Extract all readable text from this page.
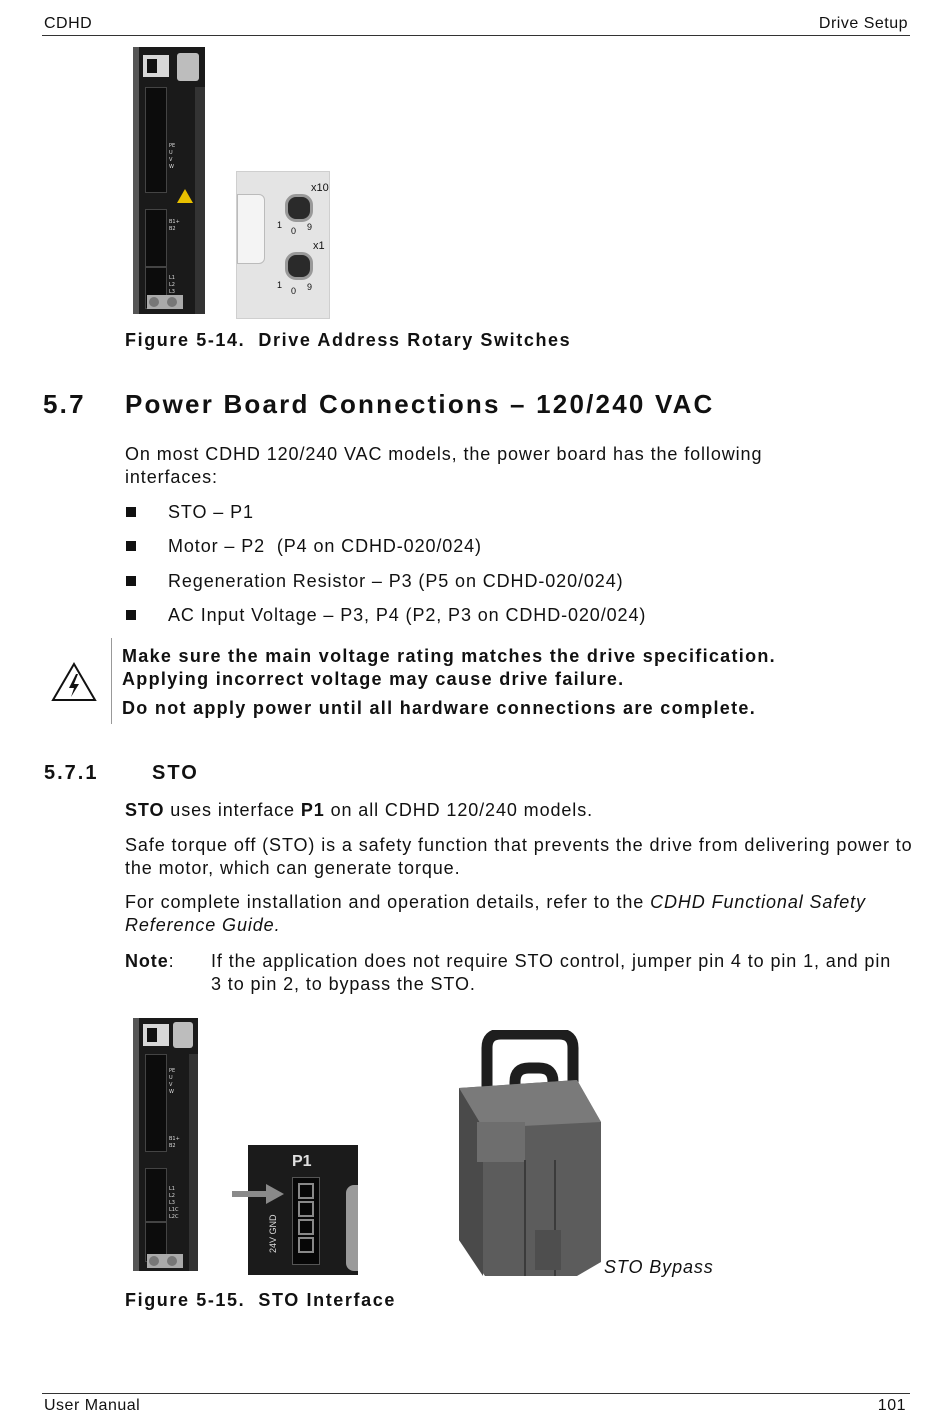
CDHD	Drive Setup
PE
U
V
W
B1+
B2
L1
L2
L3
x10
x1
1
0 9
1
0 9
Figure 5-14.  Drive Address Rotary Switches
5.7 Power Board Connections – 120/240 VAC
On most CDHD 120/240 VAC models, the power board has the following interfaces:
STO – P1
Motor – P2  (P4 on CDHD-020/024)
Regeneration Resistor – P3 (P5 on CDHD-020/024)
AC Input Voltage – P3, P4 (P2, P3 on CDHD-020/024)
Make sure the main voltage rating matches the drive specification.
Applying incorrect voltage may cause drive failure.
Do not apply power until all hardware connections are complete.
5.7.1	STO
STO uses interface P1 on all CDHD 120/240 models.
Safe torque off (STO) is a safety function that prevents the drive from delivering power to the motor, which can generate torque.
For complete installation and operation details, refer to the CDHD Functional Safety Reference Guide.
Note: If the application does not require STO control, jumper pin 4 to pin 1, and pin 3 to pin 2, to bypass the STO.
PE
U
V
W
B1+
B2
L1
L2
L3
L1C
L2C
P1
24V GND
STO Bypass
Figure 5-15.  STO Interface
User Manual	101
